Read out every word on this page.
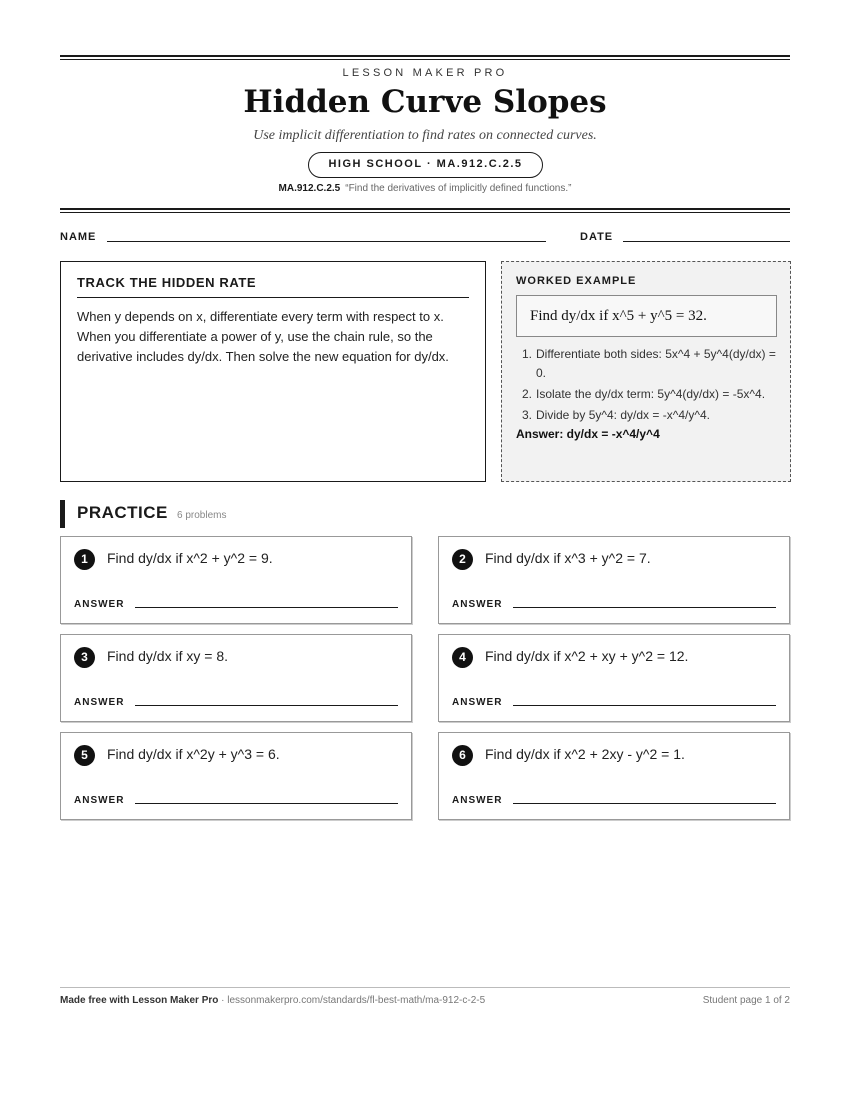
LESSON MAKER PRO
Hidden Curve Slopes
Use implicit differentiation to find rates on connected curves.
HIGH SCHOOL · MA.912.C.2.5
MA.912.C.2.5 “Find the derivatives of implicitly defined functions.”
NAME	DATE
TRACK THE HIDDEN RATE

When y depends on x, differentiate every term with respect to x. When you differentiate a power of y, use the chain rule, so the derivative includes dy/dx. Then solve the new equation for dy/dx.

WORKED EXAMPLE
Find dy/dx if x^5 + y^5 = 32.
1. Differentiate both sides: 5x^4 + 5y^4(dy/dx) = 0.
2. Isolate the dy/dx term: 5y^4(dy/dx) = -5x^4.
3. Divide by 5y^4: dy/dx = -x^4/y^4.
Answer: dy/dx = -x^4/y^4
PRACTICE 6 problems
1	Find dy/dx if x^2 + y^2 = 9.
ANSWER
2	Find dy/dx if x^3 + y^2 = 7.
ANSWER
3	Find dy/dx if xy = 8.
ANSWER
4	Find dy/dx if x^2 + xy + y^2 = 12.
ANSWER
5	Find dy/dx if x^2y + y^3 = 6.
ANSWER
6	Find dy/dx if x^2 + 2xy - y^2 = 1.
ANSWER
Made free with Lesson Maker Pro · lessonmakerpro.com/standards/fl-best-math/ma-912-c-2-5	Student page 1 of 2
